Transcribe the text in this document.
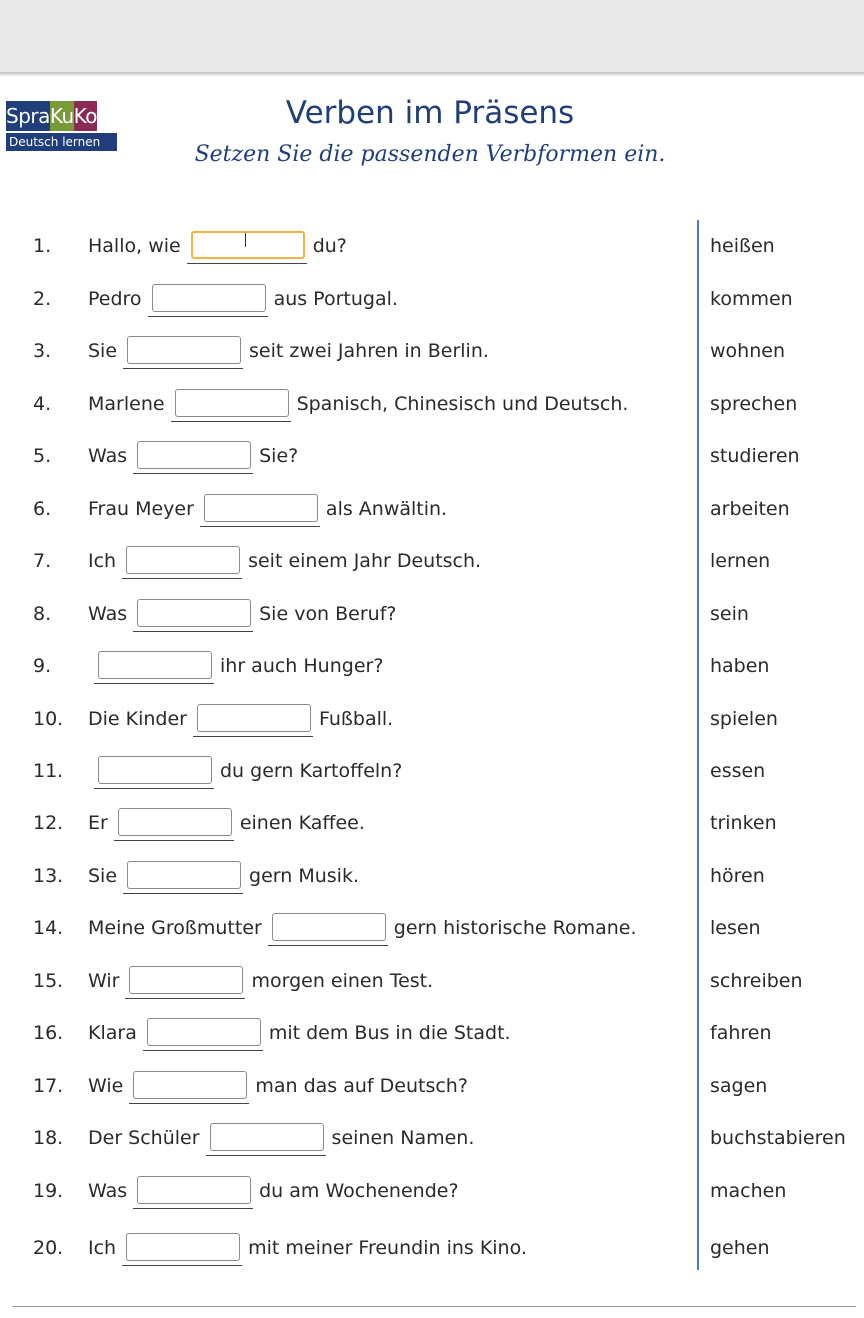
Spra Ku Ko
Deutsch lernen
Verben im Präsens
Setzen Sie die passenden Verbformen ein.
1. Hallo, wie	du?	heißen
2. Pedro	aus Portugal.	kommen
3. Sie	seit zwei Jahren in Berlin.	wohnen
4. Marlene	Spanisch, Chinesisch und Deutsch.	sprechen
5. Was	Sie?	studieren
6. Frau Meyer	als Anwältin.	arbeiten
7. Ich	seit einem Jahr Deutsch.	lernen
8. Was	Sie von Beruf?	sein
9.	ihr auch Hunger?	haben
10. Die Kinder	Fußball.	spielen
11.	du gern Kartoffeln?	essen
12. Er	einen Kaffee.	trinken
13. Sie	gern Musik.	hören
14. Meine Großmutter	gern historische Romane.	lesen
15. Wir	morgen einen Test.	schreiben
16. Klara	mit dem Bus in die Stadt.	fahren
17. Wie	man das auf Deutsch?	sagen
18. Der Schüler	seinen Namen.	buchstabieren
19. Was	du am Wochenende?	machen
20. Ich	mit meiner Freundin ins Kino.	gehen
